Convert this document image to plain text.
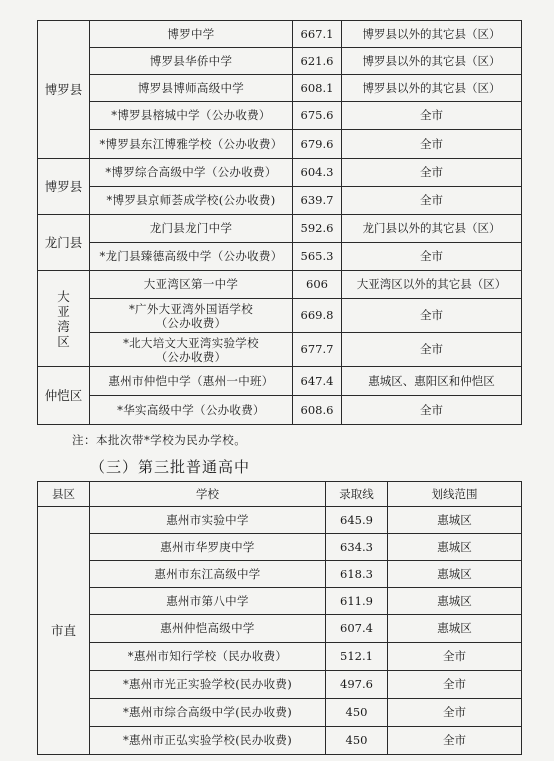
博罗县	博罗中学	667.1	博罗县以外的其它县（区）
	博罗县华侨中学	621.6	博罗县以外的其它县（区）
	博罗县博师高级中学	608.1	博罗县以外的其它县（区）
	*博罗县榕城中学（公办收费）	675.6	全市
	*博罗县东江博雅学校（公办收费）	679.6	全市
博罗县	*博罗综合高级中学（公办收费）	604.3	全市
	*博罗县京师荟成学校(公办收费)	639.7	全市
龙门县	龙门县龙门中学	592.6	龙门县以外的其它县（区）
	*龙门县臻德高级中学（公办收费）	565.3	全市
大亚湾区	大亚湾区第一中学	606	大亚湾区以外的其它县（区）

	*广外大亚湾外国语学校
（公办收费）	669.8	全市

	*北大培文大亚湾实验学校
（公办收费）	677.7	全市
仲恺区	惠州市仲恺中学（惠州一中班）	647.4	惠城区、惠阳区和仲恺区
	*华实高级中学（公办收费）	608.6	全市
注：本批次带*学校为民办学校。
（三）第三批普通高中
县区	学校	录取线	划线范围
市直	惠州市实验中学	645.9	惠城区
	惠州市华罗庚中学	634.3	惠城区
	惠州市东江高级中学	618.3	惠城区
	惠州市第八中学	611.9	惠城区
	惠州仲恺高级中学	607.4	惠城区
	*惠州市知行学校（民办收费）	512.1	全市
	*惠州市光正实验学校(民办收费)	497.6	全市
	*惠州市综合高级中学(民办收费)	450	全市
	*惠州市正弘实验学校(民办收费)	450	全市
